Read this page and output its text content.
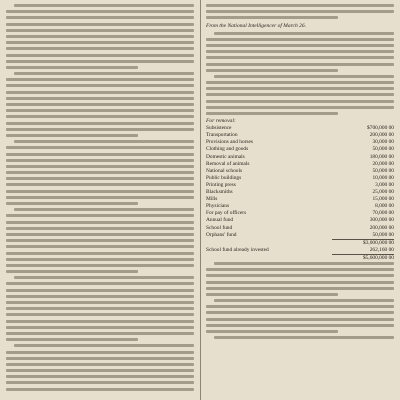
From the National Intelligencer of March 26.
For removal:
Subsistence	$700,000 00
Transportation	200,000 00
Provisions and horses	30,000 00
Clothing and goods	50,000 00
Domestic animals	180,000 00
Removal of animals	20,000 00
National schools	50,000 00
Public buildings	10,000 00
Printing press	3,000 00
Blacksmiths	25,000 00
Mills	15,000 00
Physicians	8,000 00
For pay of officers	70,000 00
Annual fund	300,000 00
School fund	200,000 00
Orphans' fund	50,000 00
	$3,000,000 00
School fund already invested	262,160 00
	$5,600,000 00
